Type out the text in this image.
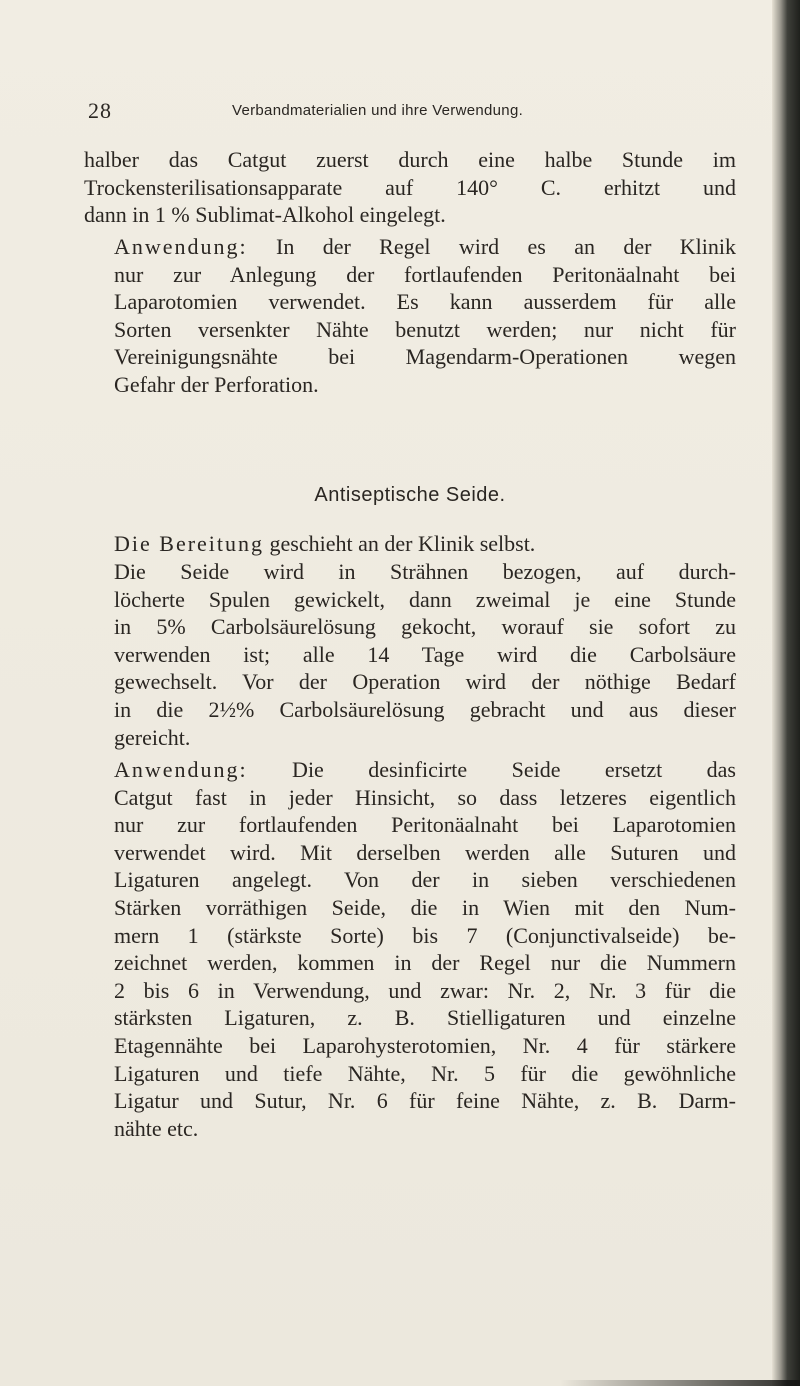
28	Verbandmaterialien und ihre Verwendung.
halber das Catgut zuerst durch eine halbe Stunde im
Trockensterilisationsapparate auf 140° C. erhitzt und
dann in 1 % Sublimat-Alkohol eingelegt.
Anwendung: In der Regel wird es an der Klinik
nur zur Anlegung der fortlaufenden Peritonäalnaht bei
Laparotomien verwendet. Es kann ausserdem für alle
Sorten versenkter Nähte benutzt werden; nur nicht für
Vereinigungsnähte bei Magendarm-Operationen wegen
Gefahr der Perforation.
Antiseptische Seide.
Die Bereitung geschieht an der Klinik selbst.
Die Seide wird in Strähnen bezogen, auf durch-
löcherte Spulen gewickelt, dann zweimal je eine Stunde
in 5% Carbolsäurelösung gekocht, worauf sie sofort zu
verwenden ist; alle 14 Tage wird die Carbolsäure
gewechselt. Vor der Operation wird der nöthige Bedarf
in die 2½% Carbolsäurelösung gebracht und aus dieser
gereicht.
Anwendung: Die desinficirte Seide ersetzt das
Catgut fast in jeder Hinsicht, so dass letzeres eigentlich
nur zur fortlaufenden Peritonäalnaht bei Laparotomien
verwendet wird. Mit derselben werden alle Suturen und
Ligaturen angelegt. Von der in sieben verschiedenen
Stärken vorräthigen Seide, die in Wien mit den Num-
mern 1 (stärkste Sorte) bis 7 (Conjunctivalseide) be-
zeichnet werden, kommen in der Regel nur die Nummern
2 bis 6 in Verwendung, und zwar: Nr. 2, Nr. 3 für die
stärksten Ligaturen, z. B. Stielligaturen und einzelne
Etagennähte bei Laparohysterotomien, Nr. 4 für stärkere
Ligaturen und tiefe Nähte, Nr. 5 für die gewöhnliche
Ligatur und Sutur, Nr. 6 für feine Nähte, z. B. Darm-
nähte etc.
